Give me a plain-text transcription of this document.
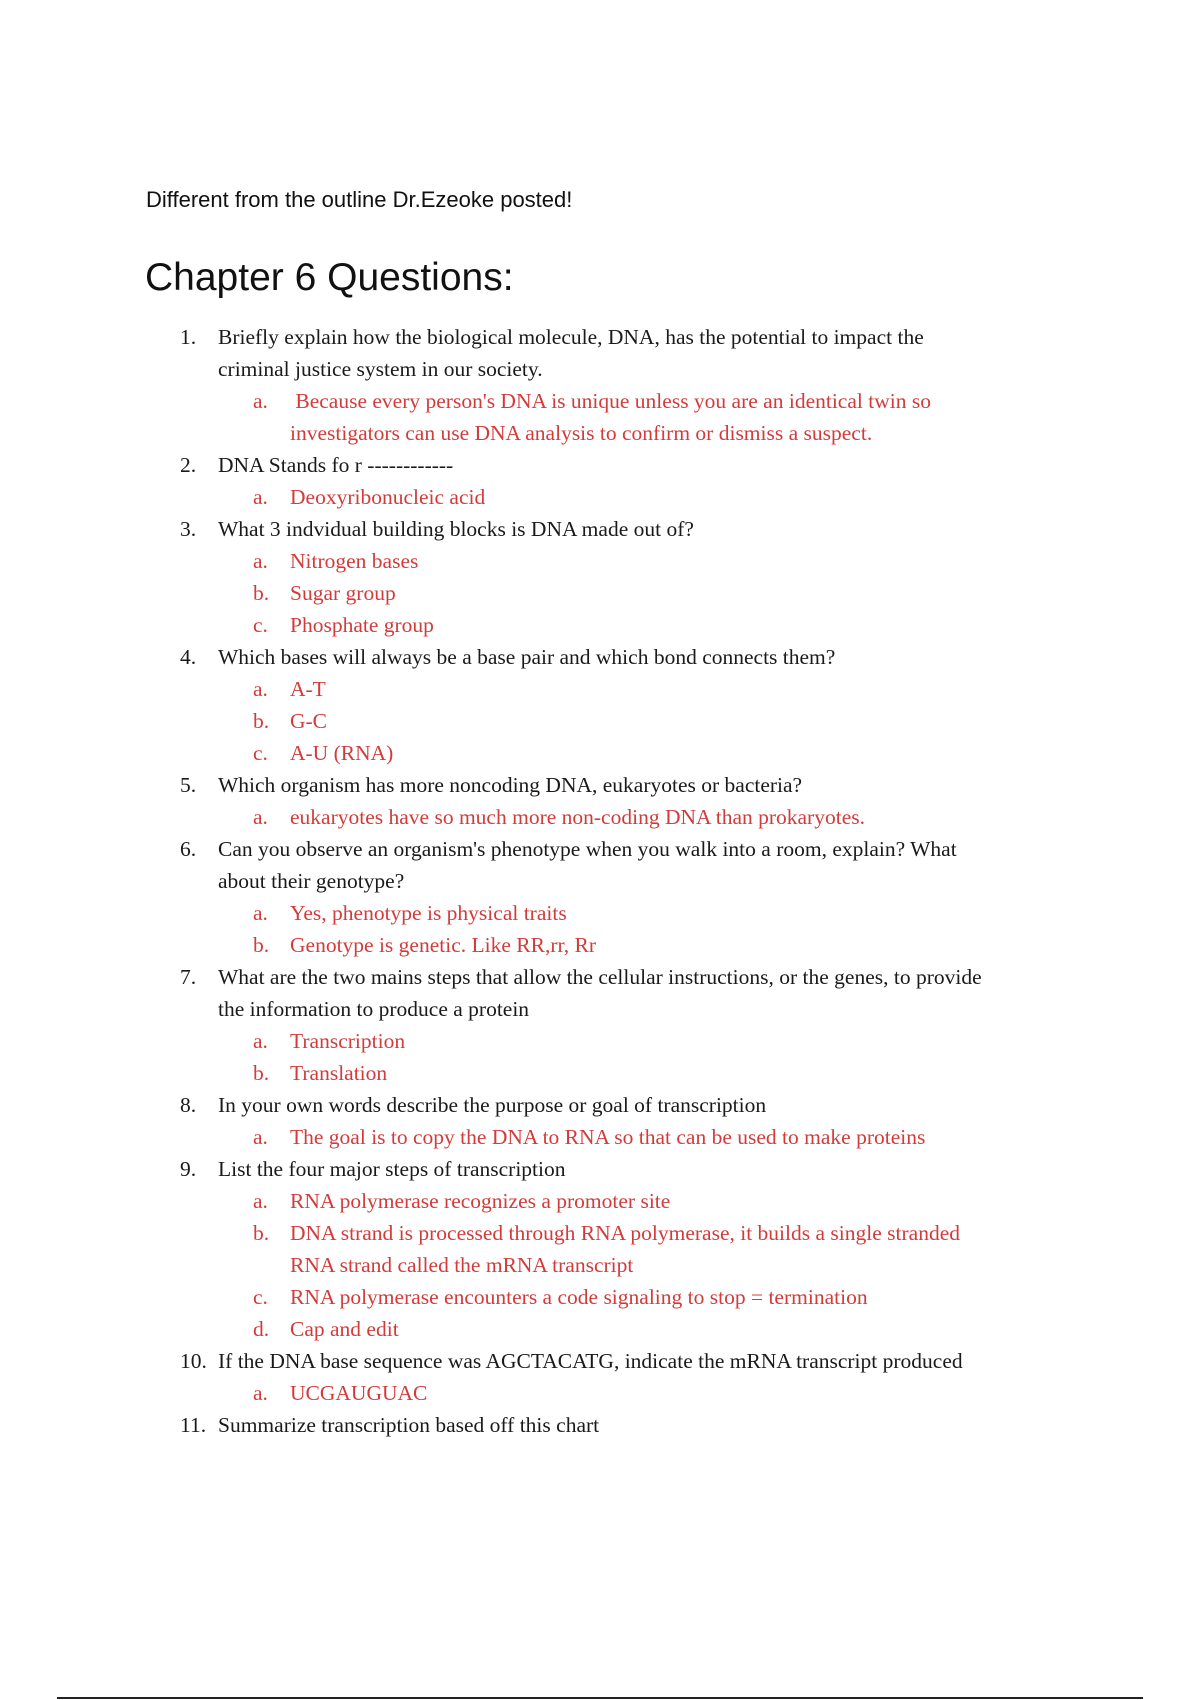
Different from the outline Dr.Ezeoke posted!
Chapter 6 Questions:
1.	Briefly explain how the biological molecule, DNA, has the potential to impact the
criminal justice system in our society.
a. Because every person's DNA is unique unless you are an identical twin so
investigators can use DNA analysis to confirm or dismiss a suspect.
2.	DNA Stands fo r ------------
a. Deoxyribonucleic acid
3.	What 3 indvidual building blocks is DNA made out of?
a. Nitrogen bases
b. Sugar group
c. Phosphate group
4.	Which bases will always be a base pair and which bond connects them?
a. A-T
b. G-C
c. A-U (RNA)
5.	Which organism has more noncoding DNA, eukaryotes or bacteria?
a. eukaryotes have so much more non-coding DNA than prokaryotes.
6.	Can you observe an organism's phenotype when you walk into a room, explain? What
about their genotype?
a. Yes, phenotype is physical traits
b. Genotype is genetic. Like RR,rr, Rr
7.	What are the two mains steps that allow the cellular instructions, or the genes, to provide
the information to produce a protein
a. Transcription
b. Translation
8.	In your own words describe the purpose or goal of transcription
a. The goal is to copy the DNA to RNA so that can be used to make proteins
9.	List the four major steps of transcription
a. RNA polymerase recognizes a promoter site
b. DNA strand is processed through RNA polymerase, it builds a single stranded
RNA strand called the mRNA transcript
c. RNA polymerase encounters a code signaling to stop = termination
d. Cap and edit
10. If the DNA base sequence was AGCTACATG, indicate the mRNA transcript produced
a. UCGAUGUAC
11. Summarize transcription based off this chart
